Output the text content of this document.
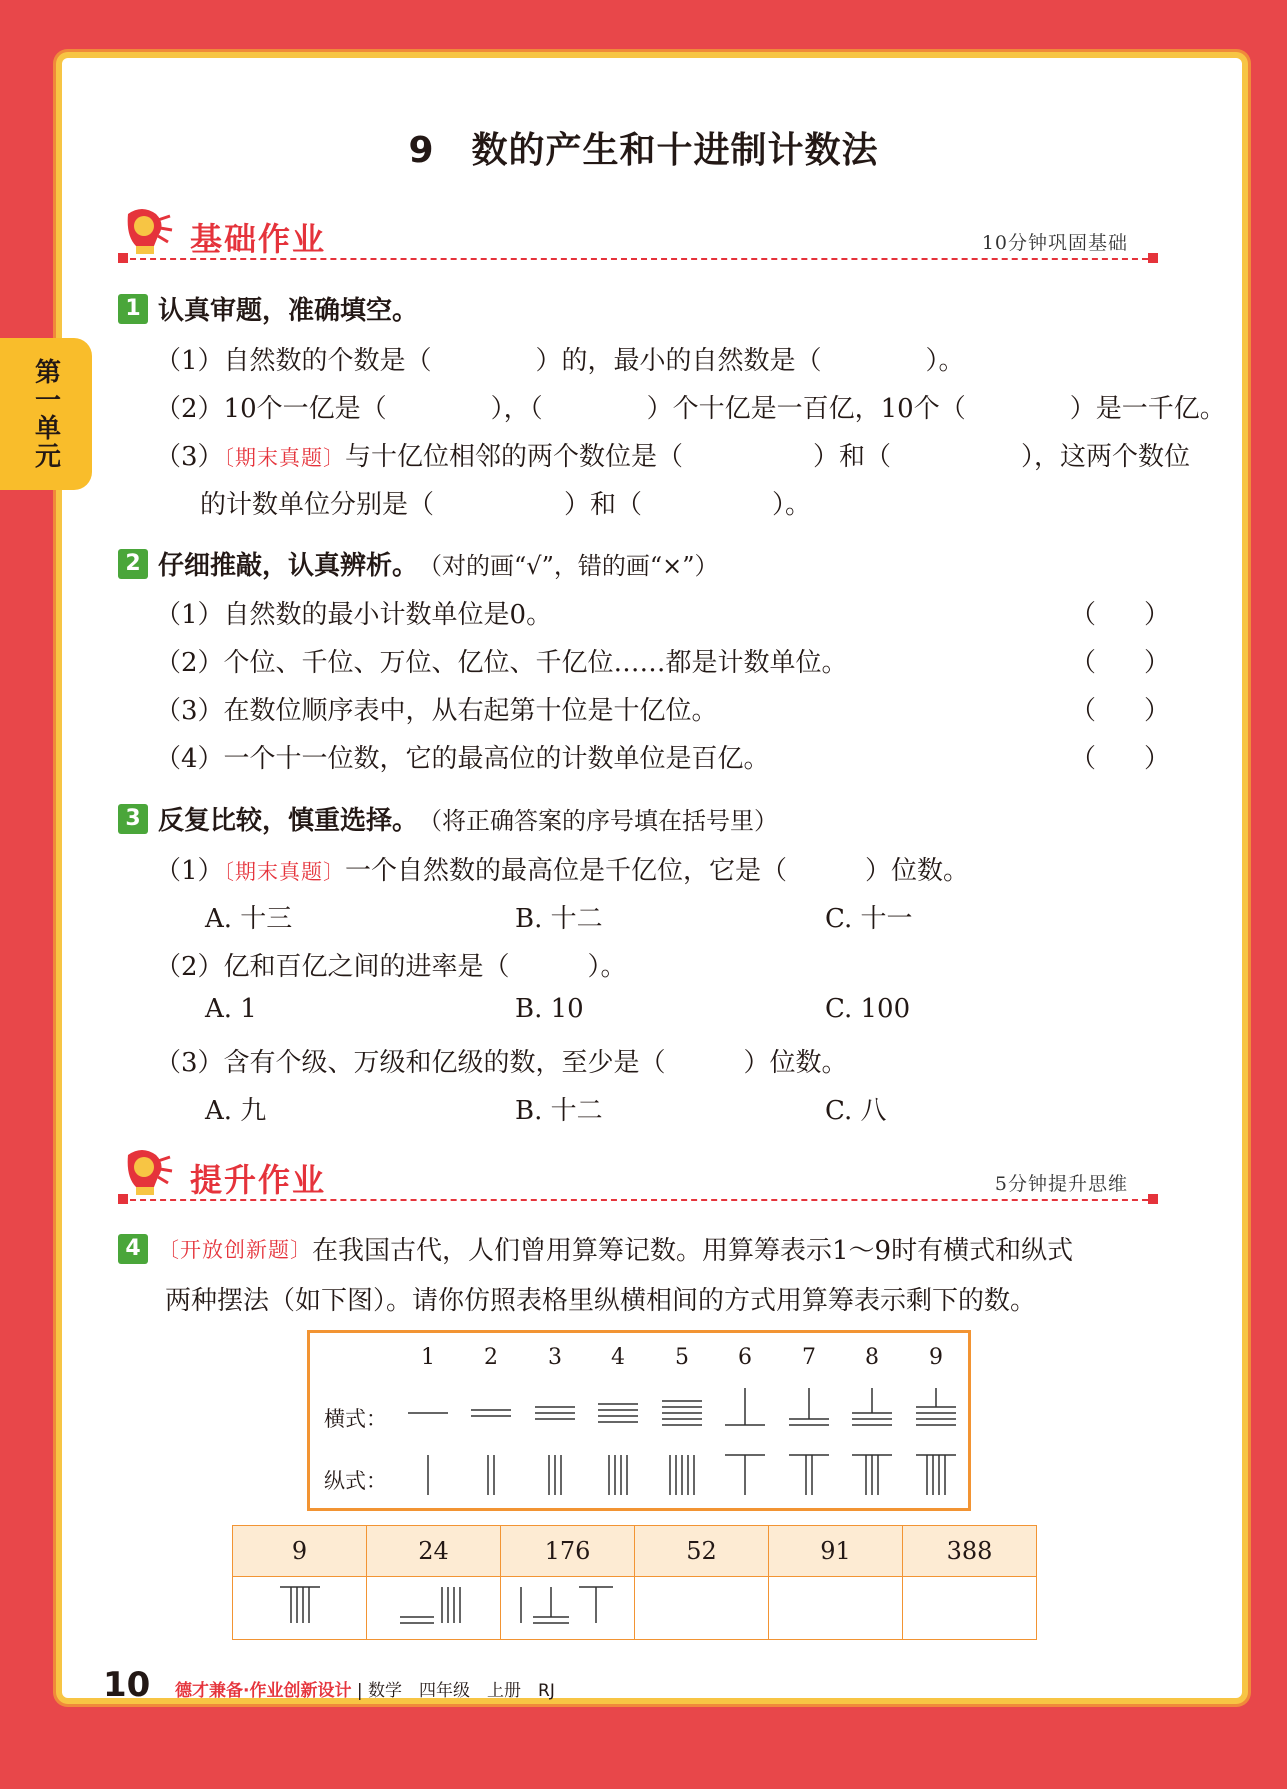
第一单元
9　数的产生和十进制计数法
基础作业	10分钟巩固基础
1 认真审题，准确填空。
（1）自然数的个数是（　　　　）的，最小的自然数是（　　　　）。
（2）10个一亿是（　　　　），（　　　　）个十亿是一百亿，10个（　　　　）是一千亿。
（3）〔期末真题〕与十亿位相邻的两个数位是（　　　　　）和（　　　　　），这两个数位
的计数单位分别是（　　　　　）和（　　　　　）。
2 仔细推敲，认真辨析。 （对的画“√”，错的画“×”）
（1）自然数的最小计数单位是0。
（2）个位、千位、万位、亿位、千亿位……都是计数单位。
（3）在数位顺序表中，从右起第十位是十亿位。
（4）一个十一位数，它的最高位的计数单位是百亿。
（）
（）
（）
（）
3 反复比较，慎重选择。 （将正确答案的序号填在括号里）
（1）〔期末真题〕一个自然数的最高位是千亿位，它是（　　　）位数。
A. 十三	B. 十二	C. 十一
（2）亿和百亿之间的进率是（　　　）。
A. 1	B. 10	C. 100
（3）含有个级、万级和亿级的数，至少是（　　　）位数。
A. 九	B. 十二	C. 八
提升作业	5分钟提升思维
4 〔开放创新题〕 在我国古代，人们曾用算筹记数。用算筹表示1～9时有横式和纵式
两种摆法（如下图）。请你仿照表格里纵横相间的方式用算筹表示剩下的数。
1	2	3	4	5	6	7	8	9
横式：
纵式：
9	24	176	52	91	388

10 德才兼备·作业创新设计 | 数学　四年级　上册　RJ
